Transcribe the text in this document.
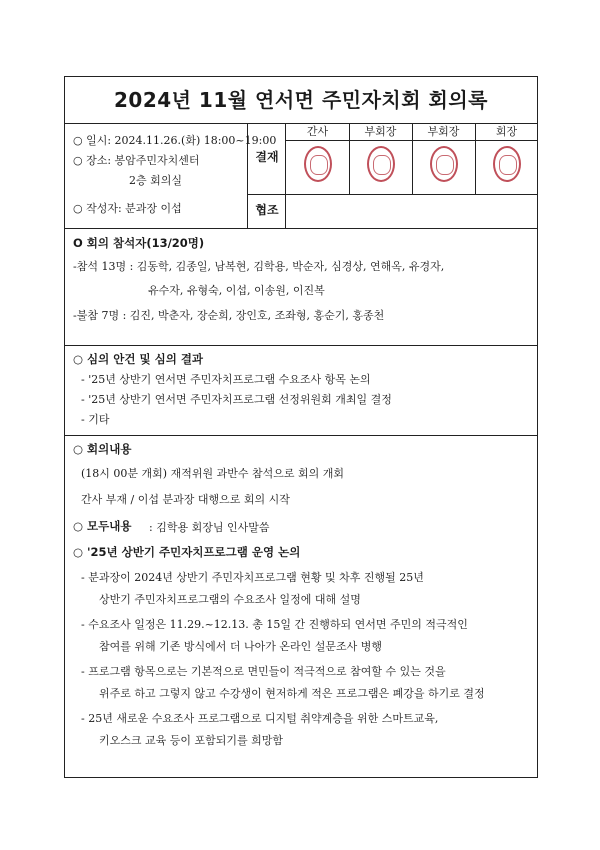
2024년 11월 연서면 주민자치회 회의록
○ 일시: 2024.11.26.(화) 18:00~19:00
○ 장소: 봉암주민자치센터
2층 회의실
○ 작성자: 분과장 이섭
결재
협조
간사	부회장	부회장	회장
O 회의 참석자(13/20명)
-참석 13명 : 김동학, 김종일, 남복현, 김학용, 박순자, 심경상, 연해옥, 유경자,
유수자, 유형숙, 이섭, 이송원, 이진복
-불참 7명 : 김진, 박춘자, 장순희, 장인호, 조좌형, 홍순기, 홍종천
○ 심의 안건 및 심의 결과
- '25년 상반기 연서면 주민자치프로그램 수요조사 항목 논의
- '25년 상반기 연서면 주민자치프로그램 선정위원회 개최일 결정
- 기타
○ 회의내용
(18시 00분 개회) 재적위원 과반수 참석으로 회의 개회
간사 부재 / 이섭 분과장 대행으로 회의 시작
○ 모두내용 : 김학용 회장님 인사말씀
○ '25년 상반기 주민자치프로그램 운영 논의
- 분과장이 2024년 상반기 주민자치프로그램 현황 및 차후 진행될 25년
상반기 주민자치프로그램의 수요조사 일정에 대해 설명
- 수요조사 일정은 11.29.~12.13. 총 15일 간 진행하되 연서면 주민의 적극적인
참여를 위해 기존 방식에서 더 나아가 온라인 설문조사 병행
- 프로그램 항목으로는 기본적으로 면민들이 적극적으로 참여할 수 있는 것을
위주로 하고 그렇지 않고 수강생이 현저하게 적은 프로그램은 폐강을 하기로 결정
- 25년 새로운 수요조사 프로그램으로 디지털 취약계층을 위한 스마트교육,
키오스크 교육 등이 포함되기를 희망함
